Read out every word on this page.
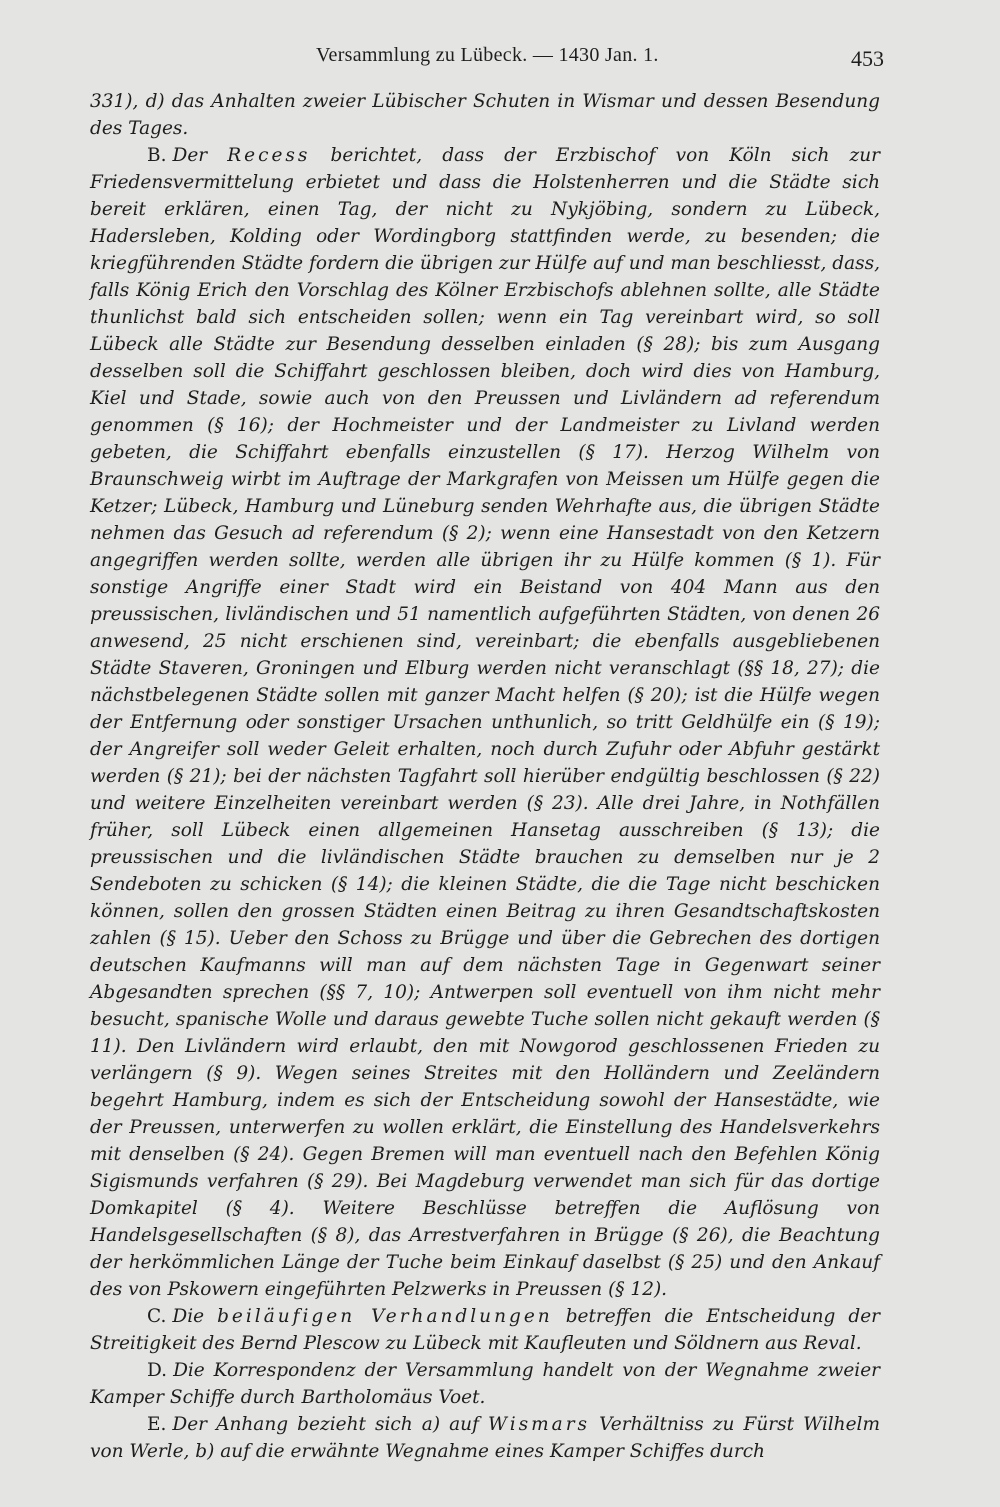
Versammlung zu Lübeck. — 1430 Jan. 1.	453

331), d) das Anhalten zweier Lübischer Schuten in Wismar und dessen Besendung des Tages.

B. Der Recess berichtet, dass der Erzbischof von Köln sich zur Friedensvermittelung erbietet und dass die Holstenherren und die Städte sich bereit erklären, einen Tag, der nicht zu Nykjöbing, sondern zu Lübeck, Hadersleben, Kolding oder Wordingborg stattfinden werde, zu besenden; die kriegführenden Städte fordern die übrigen zur Hülfe auf und man beschliesst, dass, falls König Erich den Vorschlag des Kölner Erzbischofs ablehnen sollte, alle Städte thunlichst bald sich entscheiden sollen; wenn ein Tag vereinbart wird, so soll Lübeck alle Städte zur Besendung desselben einladen (§ 28); bis zum Ausgang desselben soll die Schiffahrt geschlossen bleiben, doch wird dies von Hamburg, Kiel und Stade, sowie auch von den Preussen und Livländern ad referendum genommen (§ 16); der Hochmeister und der Landmeister zu Livland werden gebeten, die Schiffahrt ebenfalls einzustellen (§ 17). Herzog Wilhelm von Braunschweig wirbt im Auftrage der Markgrafen von Meissen um Hülfe gegen die Ketzer; Lübeck, Hamburg und Lüneburg senden Wehrhafte aus, die übrigen Städte nehmen das Gesuch ad referendum (§ 2); wenn eine Hansestadt von den Ketzern angegriffen werden sollte, werden alle übrigen ihr zu Hülfe kommen (§ 1). Für sonstige Angriffe einer Stadt wird ein Beistand von 404 Mann aus den preussischen, livländischen und 51 namentlich aufgeführten Städten, von denen 26 anwesend, 25 nicht erschienen sind, vereinbart; die ebenfalls ausgebliebenen Städte Staveren, Groningen und Elburg werden nicht veranschlagt (§§ 18, 27); die nächstbelegenen Städte sollen mit ganzer Macht helfen (§ 20); ist die Hülfe wegen der Entfernung oder sonstiger Ursachen unthunlich, so tritt Geldhülfe ein (§ 19); der Angreifer soll weder Geleit erhalten, noch durch Zufuhr oder Abfuhr gestärkt werden (§ 21); bei der nächsten Tagfahrt soll hierüber endgültig beschlossen (§ 22) und weitere Einzelheiten vereinbart werden (§ 23). Alle drei Jahre, in Nothfällen früher, soll Lübeck einen allgemeinen Hansetag ausschreiben (§ 13); die preussischen und die livländischen Städte brauchen zu demselben nur je 2 Sendeboten zu schicken (§ 14); die kleinen Städte, die die Tage nicht beschicken können, sollen den grossen Städten einen Beitrag zu ihren Gesandtschaftskosten zahlen (§ 15). Ueber den Schoss zu Brügge und über die Gebrechen des dortigen deutschen Kaufmanns will man auf dem nächsten Tage in Gegenwart seiner Abgesandten sprechen (§§ 7, 10); Antwerpen soll eventuell von ihm nicht mehr besucht, spanische Wolle und daraus gewebte Tuche sollen nicht gekauft werden (§ 11). Den Livländern wird erlaubt, den mit Nowgorod geschlossenen Frieden zu verlängern (§ 9). Wegen seines Streites mit den Holländern und Zeeländern begehrt Hamburg, indem es sich der Entscheidung sowohl der Hansestädte, wie der Preussen, unterwerfen zu wollen erklärt, die Einstellung des Handelsverkehrs mit denselben (§ 24). Gegen Bremen will man eventuell nach den Befehlen König Sigismunds verfahren (§ 29). Bei Magdeburg verwendet man sich für das dortige Domkapitel (§ 4). Weitere Beschlüsse betreffen die Auflösung von Handelsgesellschaften (§ 8), das Arrestverfahren in Brügge (§ 26), die Beachtung der herkömmlichen Länge der Tuche beim Einkauf daselbst (§ 25) und den Ankauf des von Pskowern eingeführten Pelzwerks in Preussen (§ 12).

C. Die beiläufigen Verhandlungen betreffen die Entscheidung der Streitigkeit des Bernd Plescow zu Lübeck mit Kaufleuten und Söldnern aus Reval.

D. Die Korrespondenz der Versammlung handelt von der Wegnahme zweier Kamper Schiffe durch Bartholomäus Voet.

E. Der Anhang bezieht sich a) auf Wismars Verhältniss zu Fürst Wilhelm von Werle, b) auf die erwähnte Wegnahme eines Kamper Schiffes durch
